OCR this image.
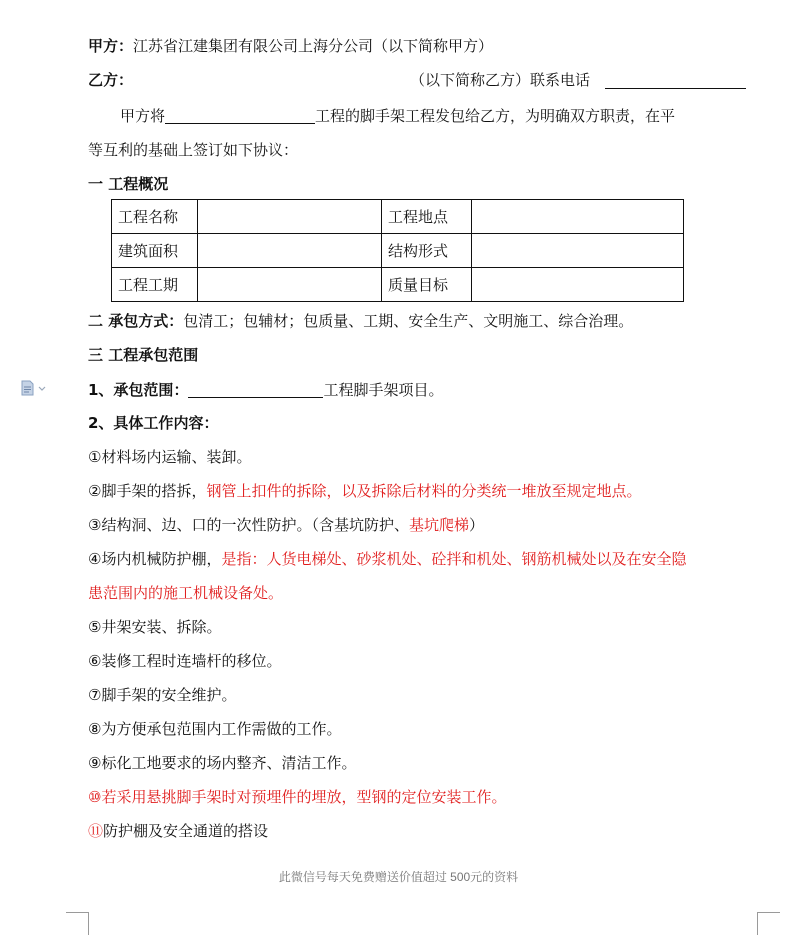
甲方：江苏省江建集团有限公司上海分公司（以下简称甲方）
乙方：	（以下简称乙方）联系电话
甲方将	工程的脚手架工程发包给乙方，为明确双方职责，在平
等互利的基础上签订如下协议：
一 工程概况
工程名称		工程地点	
建筑面积		结构形式	
工程工期		质量目标	
二 承包方式：包清工；包辅材；包质量、工期、安全生产、文明施工、综合治理。
三 工程承包范围
1、承包范围：	工程脚手架项目。
2、具体工作内容：
①材料场内运输、装卸。
②脚手架的搭拆，钢管上扣件的拆除，以及拆除后材料的分类统一堆放至规定地点。
③结构洞、边、口的一次性防护。（含基坑防护、基坑爬梯）
④场内机械防护棚，是指：人货电梯处、砂浆机处、砼拌和机处、钢筋机械处以及在安全隐
患范围内的施工机械设备处。
⑤井架安装、拆除。
⑥装修工程时连墙杆的移位。
⑦脚手架的安全维护。
⑧为方便承包范围内工作需做的工作。
⑨标化工地要求的场内整齐、清洁工作。
⑩若采用悬挑脚手架时对预埋件的埋放，型钢的定位安装工作。
⑪防护棚及安全通道的搭设
此微信号每天免费赠送价值超过 500元的资料
